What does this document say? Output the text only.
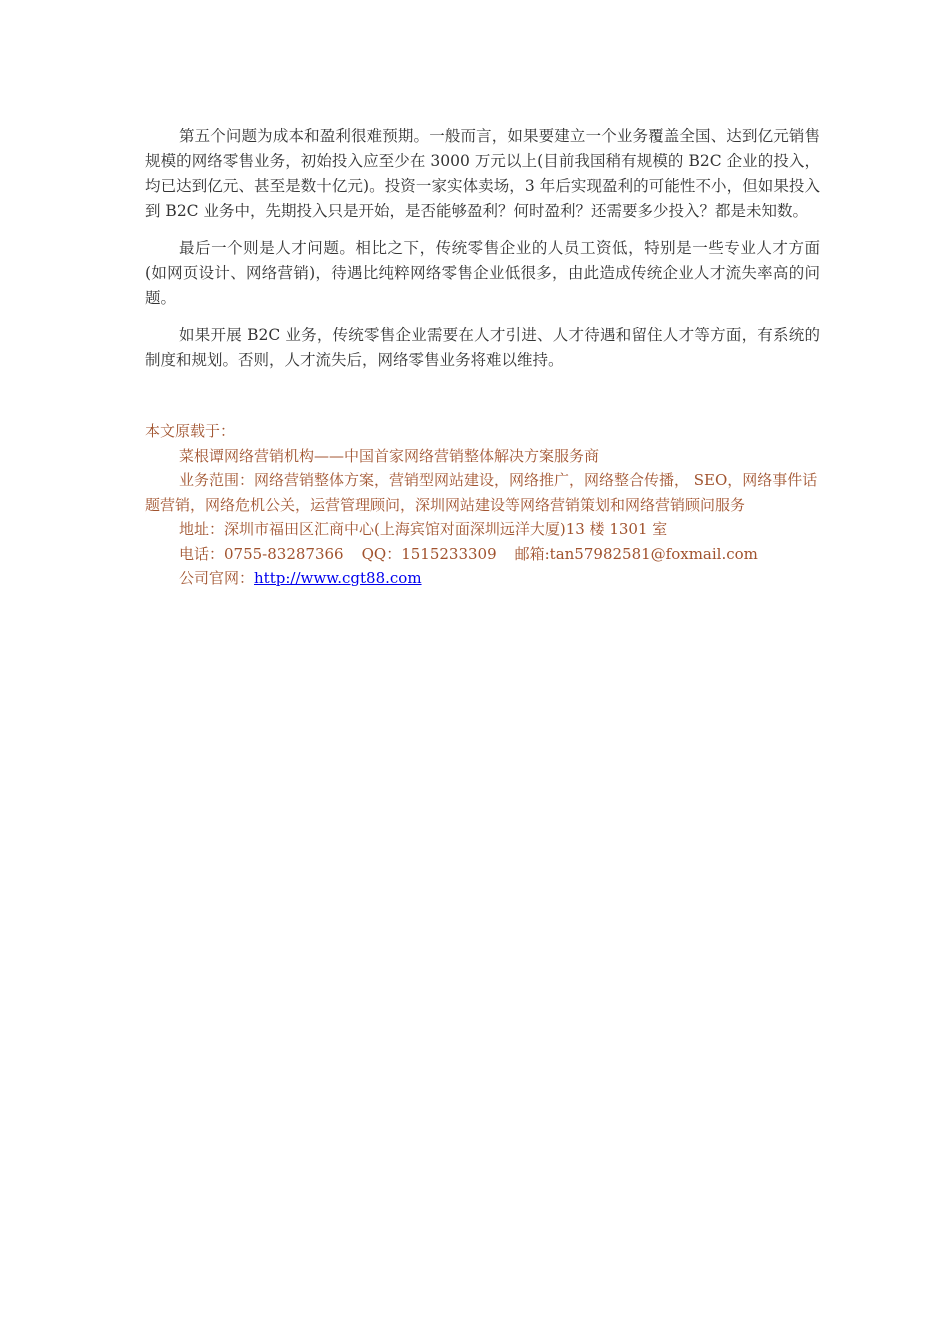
第五个问题为成本和盈利很难预期。一般而言，如果要建立一个业务覆盖全国、达到亿元销售规模的网络零售业务，初始投入应至少在 3000 万元以上(目前我国稍有规模的 B2C 企业的投入，均已达到亿元、甚至是数十亿元)。投资一家实体卖场，3 年后实现盈利的可能性不小，但如果投入到 B2C 业务中，先期投入只是开始，是否能够盈利？何时盈利？还需要多少投入？都是未知数。

最后一个则是人才问题。相比之下，传统零售企业的人员工资低，特别是一些专业人才方面(如网页设计、网络营销)，待遇比纯粹网络零售企业低很多，由此造成传统企业人才流失率高的问题。

如果开展 B2C 业务，传统零售企业需要在人才引进、人才待遇和留住人才等方面，有系统的制度和规划。否则，人才流失后，网络零售业务将难以维持。

本文原载于：

菜根谭网络营销机构——中国首家网络营销整体解决方案服务商

业务范围：网络营销整体方案，营销型网站建设，网络推广，网络整合传播， SEO，网络事件话题营销，网络危机公关，运营管理顾问，深圳网站建设等网络营销策划和网络营销顾问服务

地址：深圳市福田区汇商中心(上海宾馆对面深圳远洋大厦)13 楼 1301 室

电话：0755-83287366 QQ：1515233309 邮箱:tan57982581@foxmail.com

公司官网：http://www.cgt88.com
